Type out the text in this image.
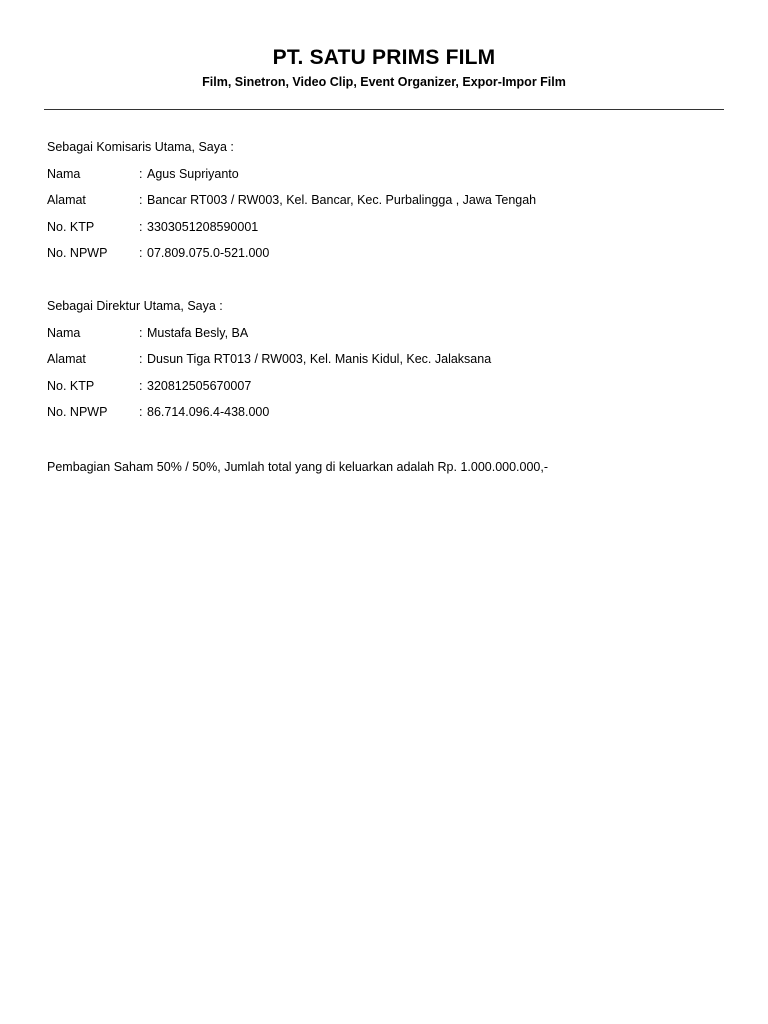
PT. SATU PRIMS FILM
Film, Sinetron, Video Clip, Event Organizer, Expor-Impor Film
Sebagai Komisaris Utama, Saya :
Nama	: Agus Supriyanto
Alamat	: Bancar RT003 / RW003, Kel. Bancar, Kec. Purbalingga , Jawa Tengah
No. KTP	: 3303051208590001
No. NPWP	: 07.809.075.0-521.000
Sebagai Direktur Utama, Saya :
Nama	: Mustafa Besly, BA
Alamat	: Dusun Tiga RT013 / RW003, Kel. Manis Kidul, Kec. Jalaksana
No. KTP	: 320812505670007
No. NPWP	: 86.714.096.4-438.000
Pembagian Saham 50% / 50%, Jumlah total yang di keluarkan adalah Rp. 1.000.000.000,-
